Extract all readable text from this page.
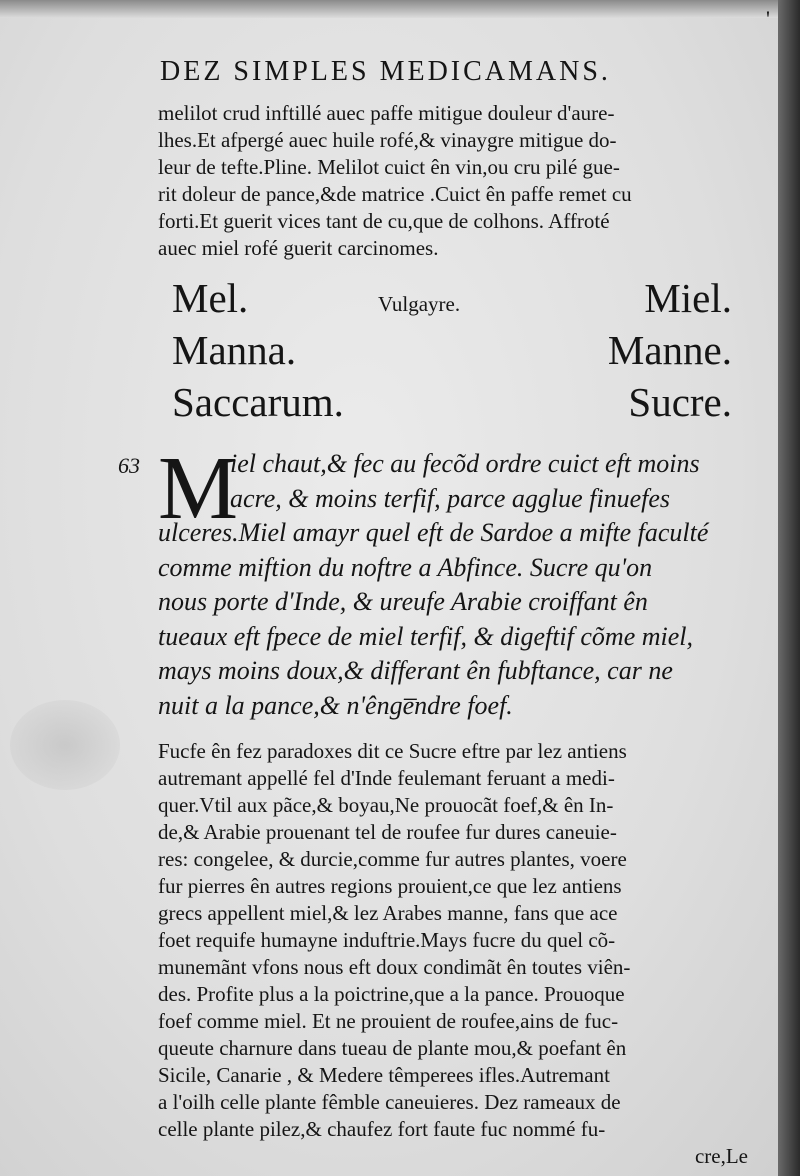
'
DEZ SIMPLES MEDICAMANS.
melilot crud inftillé auec paffe mitigue douleur d'aure-
lhes.Et afpergé auec huile rofé,& vinaygre mitigue do-
leur de tefte.Pline. Melilot cuict ên vin,ou cru pilé gue-
rit doleur de pance,&de matrice .Cuict ên paffe remet cu
forti.Et guerit vices tant de cu,que de colhons. Affroté
auec miel rofé guerit carcinomes.
Mel.
Manna.
Saccarum.
Vulgayre.	Miel.
Manne.
Sucre.
63 M
iel chaut,& fec au fecõd ordre cuict eft moins
acre, & moins terfif, parce agglue finuefes
ulceres.Miel amayr quel eft de Sardoe a mifte faculté
comme miftion du noftre a Abfince. Sucre qu'on
nous porte d'Inde, & ureufe Arabie croiffant ên
tueaux eft fpece de miel terfif, & digeftif cõme miel,
mays moins doux,& differant ên fubftance, car ne
nuit a la pance,& n'ênge̅ndre foef.
Fucfe ên fez paradoxes dit ce Sucre eftre par lez antiens
autremant appellé fel d'Inde feulemant feruant a medi-
quer.Vtil aux pãce,& boyau,Ne prouocãt foef,& ên In-
de,& Arabie prouenant tel de roufee fur dures caneuie-
res: congelee, & durcie,comme fur autres plantes, voere
fur pierres ên autres regions prouient,ce que lez antiens
grecs appellent miel,& lez Arabes manne, fans que ace
foet requife humayne induftrie.Mays fucre du quel cõ-
munemãnt vfons nous eft doux condimãt ên toutes viên-
des. Profite plus a la poictrine,que a la pance. Prouoque
foef comme miel. Et ne prouient de roufee,ains de fuc-
queute charnure dans tueau de plante mou,& poefant ên
Sicile, Canarie , & Medere têmperees ifles.Autremant
a l'oilh celle plante fêmble caneuieres. Dez rameaux de
celle plante pilez,& chaufez fort faute fuc nommé fu-
cre,Le
